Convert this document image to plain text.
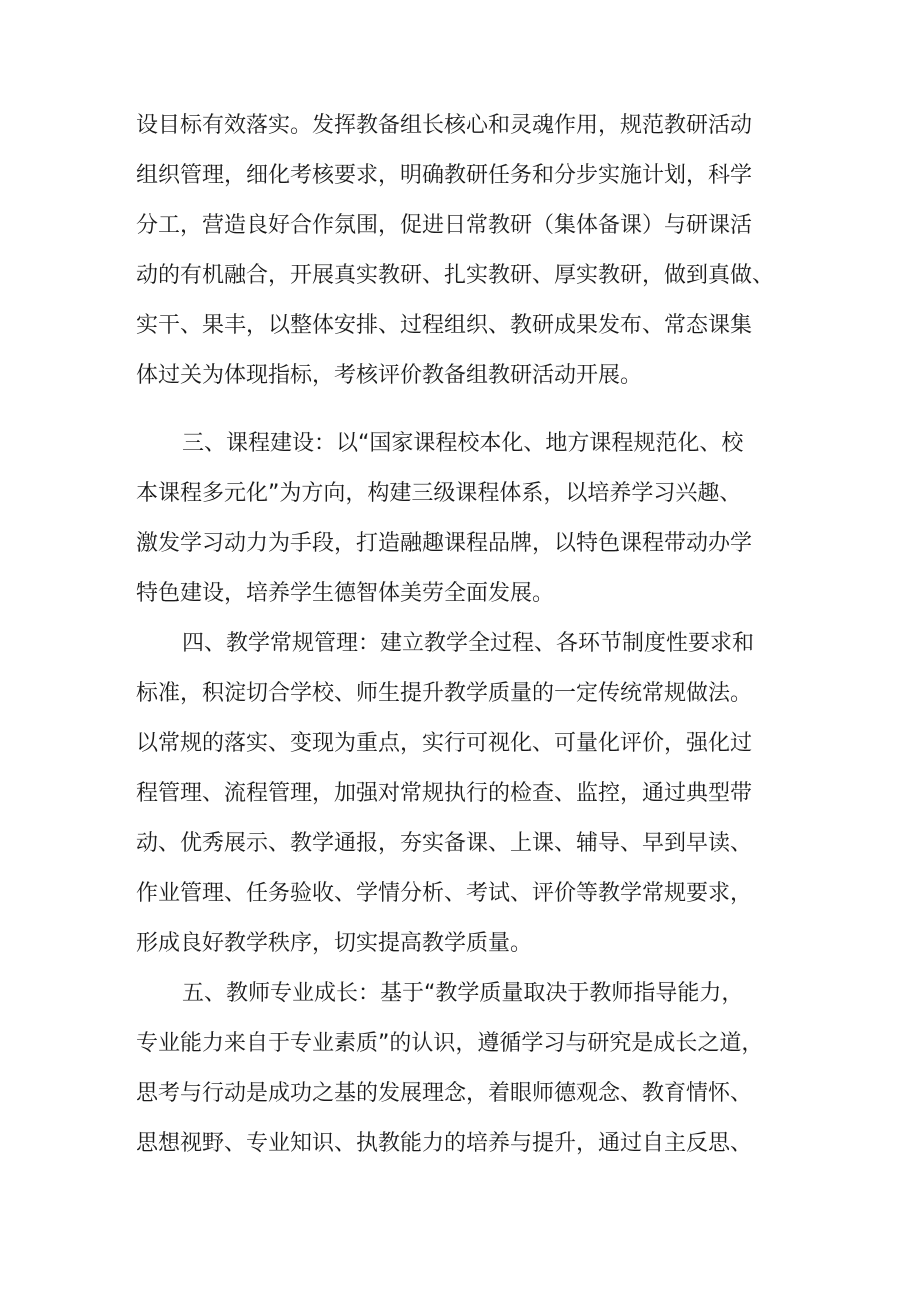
设目标有效落实。发挥教备组长核心和灵魂作用，规范教研活动
组织管理，细化考核要求，明确教研任务和分步实施计划，科学
分工，营造良好合作氛围，促进日常教研（集体备课）与研课活
动的有机融合，开展真实教研、扎实教研、厚实教研，做到真做、
实干、果丰，以整体安排、过程组织、教研成果发布、常态课集
体过关为体现指标，考核评价教备组教研活动开展。
三、课程建设：以“国家课程校本化、地方课程规范化、校
本课程多元化”为方向，构建三级课程体系，以培养学习兴趣、
激发学习动力为手段，打造融趣课程品牌，以特色课程带动办学
特色建设，培养学生德智体美劳全面发展。
四、教学常规管理：建立教学全过程、各环节制度性要求和
标准，积淀切合学校、师生提升教学质量的一定传统常规做法。
以常规的落实、变现为重点，实行可视化、可量化评价，强化过
程管理、流程管理，加强对常规执行的检查、监控，通过典型带
动、优秀展示、教学通报，夯实备课、上课、辅导、早到早读、
作业管理、任务验收、学情分析、考试、评价等教学常规要求，
形成良好教学秩序，切实提高教学质量。
五、教师专业成长：基于“教学质量取决于教师指导能力，
专业能力来自于专业素质”的认识，遵循学习与研究是成长之道，
思考与行动是成功之基的发展理念，着眼师德观念、教育情怀、
思想视野、专业知识、执教能力的培养与提升，通过自主反思、
